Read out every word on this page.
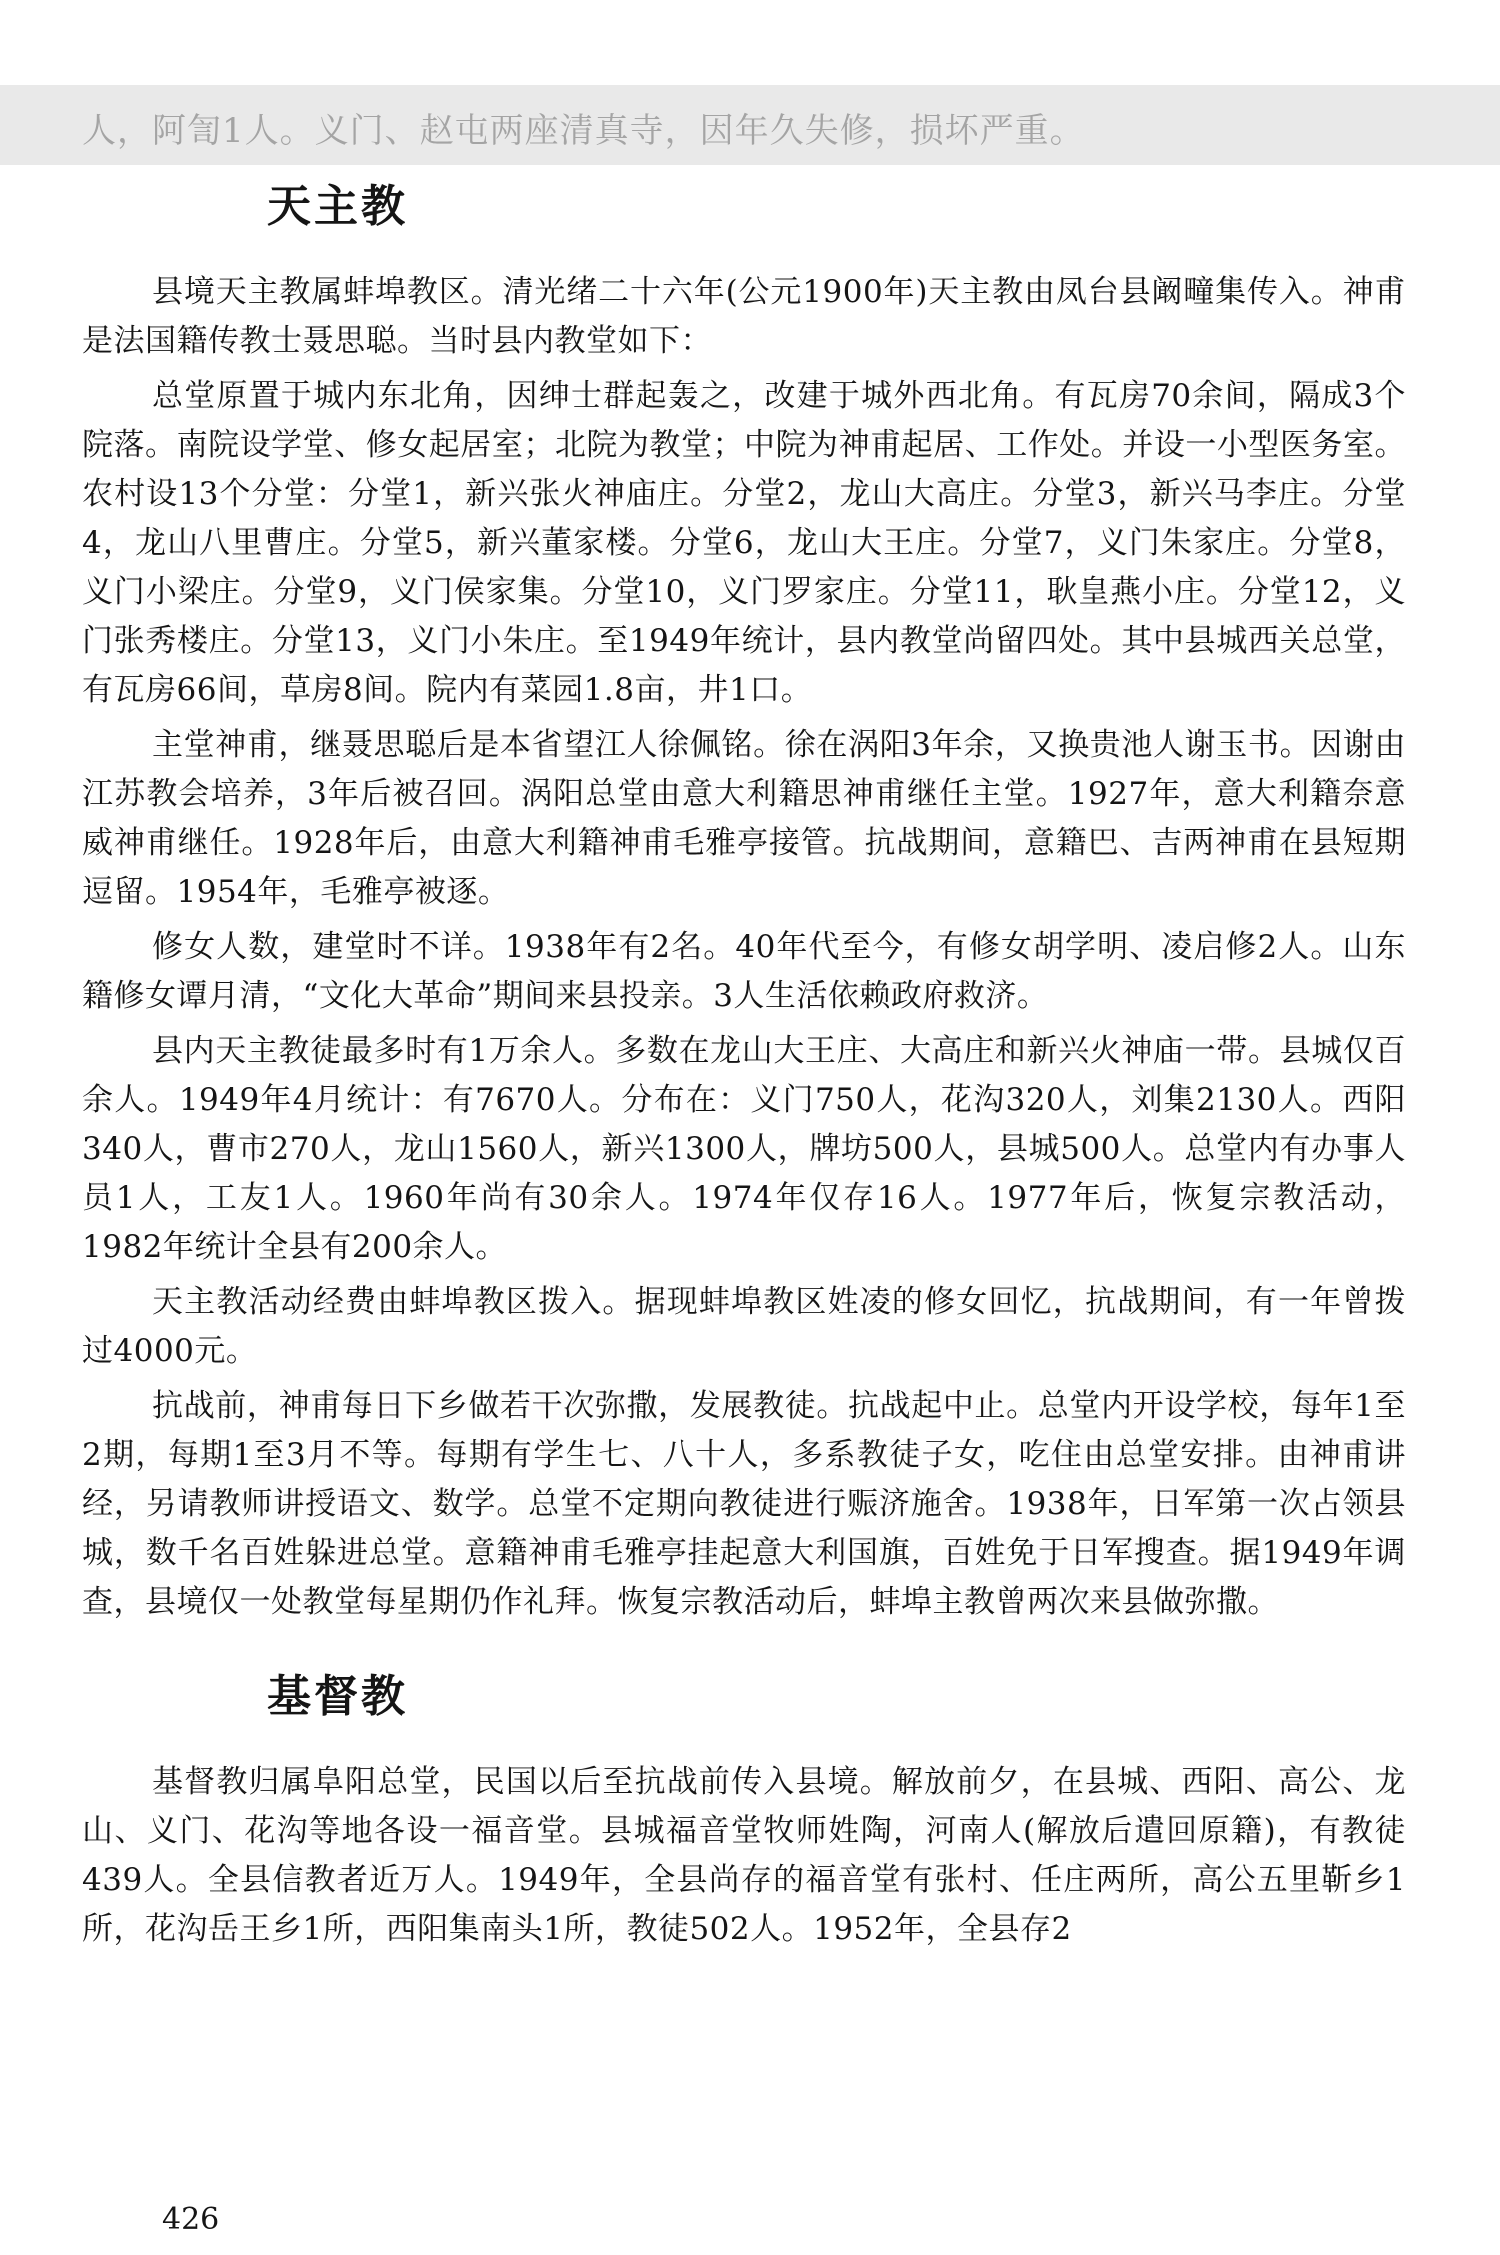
人，阿訇1人。义门、赵屯两座清真寺，因年久失修，损坏严重。
天主教

县境天主教属蚌埠教区。清光绪二十六年(公元1900年)天主教由凤台县阚疃集传入。神甫是法国籍传教士聂思聪。当时县内教堂如下：

总堂原置于城内东北角，因绅士群起轰之，改建于城外西北角。有瓦房70余间，隔成3个院落。南院设学堂、修女起居室；北院为教堂；中院为神甫起居、工作处。并设一小型医务室。农村设13个分堂：分堂1，新兴张火神庙庄。分堂2，龙山大高庄。分堂3，新兴马李庄。分堂4，龙山八里曹庄。分堂5，新兴董家楼。分堂6，龙山大王庄。分堂7，义门朱家庄。分堂8，义门小梁庄。分堂9，义门侯家集。分堂10，义门罗家庄。分堂11，耿皇燕小庄。分堂12，义门张秀楼庄。分堂13，义门小朱庄。至1949年统计，县内教堂尚留四处。其中县城西关总堂，有瓦房66间，草房8间。院内有菜园1.8亩，井1口。

主堂神甫，继聂思聪后是本省望江人徐佩铭。徐在涡阳3年余，又换贵池人谢玉书。因谢由江苏教会培养，3年后被召回。涡阳总堂由意大利籍思神甫继任主堂。1927年，意大利籍奈意威神甫继任。1928年后，由意大利籍神甫毛雅亭接管。抗战期间，意籍巴、吉两神甫在县短期逗留。1954年，毛雅亭被逐。

修女人数，建堂时不详。1938年有2名。40年代至今，有修女胡学明、凌启修2人。山东籍修女谭月清，“文化大革命”期间来县投亲。3人生活依赖政府救济。

县内天主教徒最多时有1万余人。多数在龙山大王庄、大高庄和新兴火神庙一带。县城仅百余人。1949年4月统计：有7670人。分布在：义门750人，花沟320人，刘集2130人。西阳340人，曹市270人，龙山1560人，新兴1300人，牌坊500人，县城500人。总堂内有办事人员1人，工友1人。1960年尚有30余人。1974年仅存16人。1977年后，恢复宗教活动，1982年统计全县有200余人。

天主教活动经费由蚌埠教区拨入。据现蚌埠教区姓凌的修女回忆，抗战期间，有一年曾拨过4000元。

抗战前，神甫每日下乡做若干次弥撒，发展教徒。抗战起中止。总堂内开设学校，每年1至2期，每期1至3月不等。每期有学生七、八十人，多系教徒子女，吃住由总堂安排。由神甫讲经，另请教师讲授语文、数学。总堂不定期向教徒进行赈济施舍。1938年，日军第一次占领县城，数千名百姓躲进总堂。意籍神甫毛雅亭挂起意大利国旗，百姓免于日军搜查。据1949年调查，县境仅一处教堂每星期仍作礼拜。恢复宗教活动后，蚌埠主教曾两次来县做弥撒。

基督教

基督教归属阜阳总堂，民国以后至抗战前传入县境。解放前夕，在县城、西阳、高公、龙山、义门、花沟等地各设一福音堂。县城福音堂牧师姓陶，河南人(解放后遣回原籍)，有教徒439人。全县信教者近万人。1949年，全县尚存的福音堂有张村、任庄两所，高公五里靳乡1所，花沟岳王乡1所，西阳集南头1所，教徒502人。1952年，全县存2

426
